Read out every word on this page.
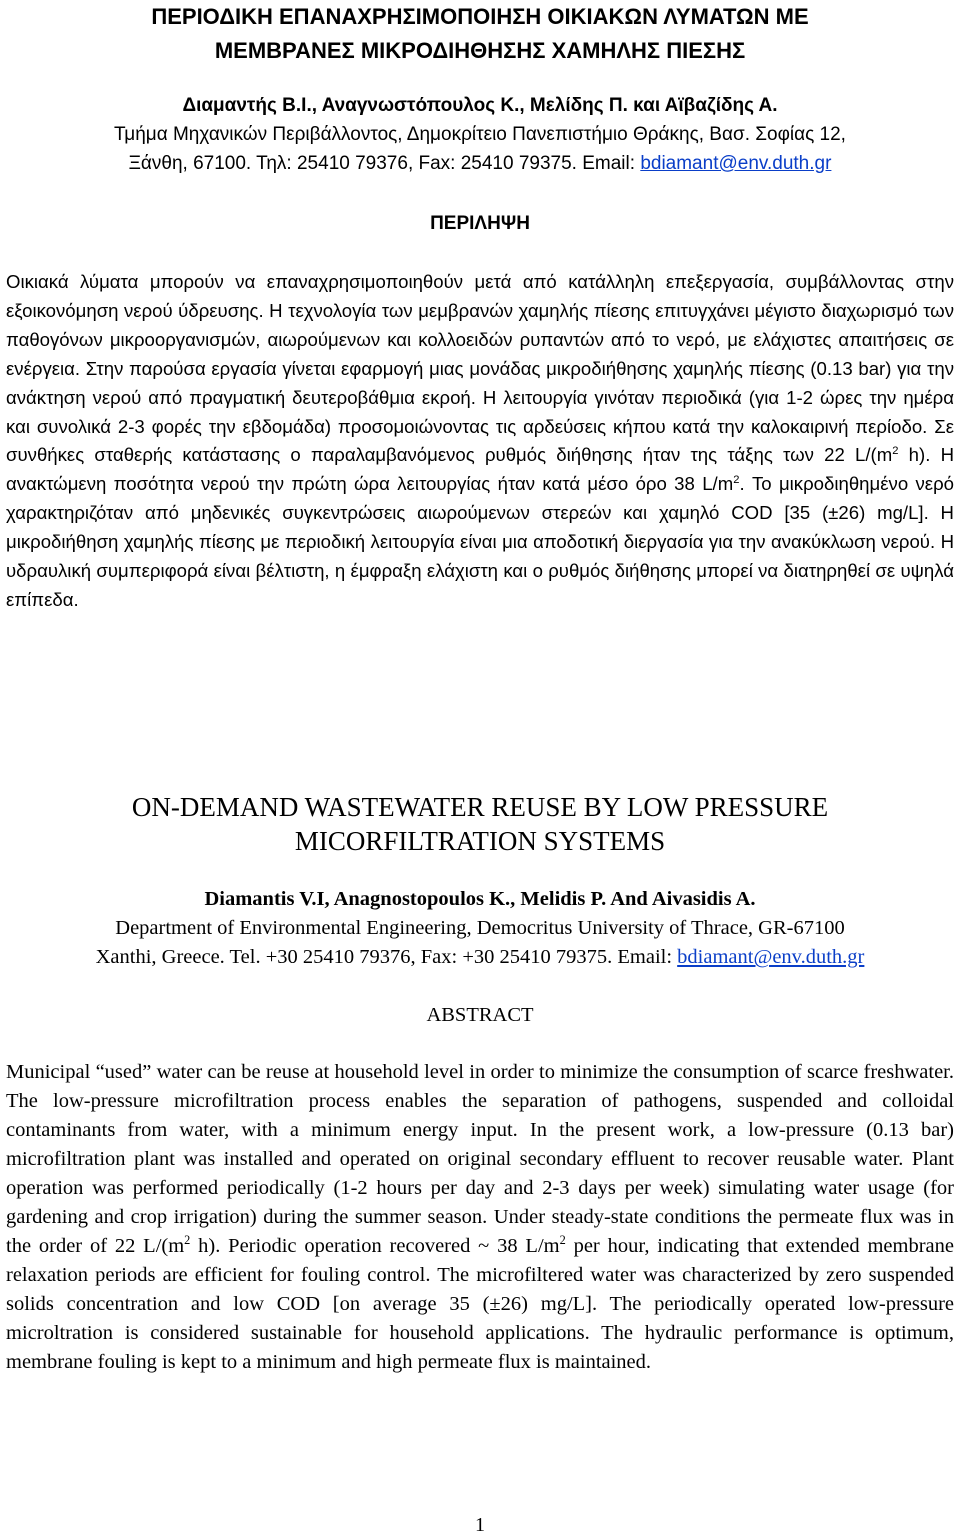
ΠΕΡΙΟΔΙΚΗ ΕΠΑΝΑΧΡΗΣΙΜΟΠΟΙΗΣΗ ΟΙΚΙΑΚΩΝ ΛΥΜΑΤΩΝ ΜΕ
ΜΕΜΒΡΑΝΕΣ ΜΙΚΡΟΔΙΗΘΗΣΗΣ ΧΑΜΗΛΗΣ ΠΙΕΣΗΣ
Διαμαντής Β.Ι., Αναγνωστόπουλος Κ., Μελίδης Π. και Αϊβαζίδης Α.
Τμήμα Μηχανικών Περιβάλλοντος, Δημοκρίτειο Πανεπιστήμιο Θράκης, Βασ. Σοφίας 12,
Ξάνθη, 67100. Τηλ: 25410 79376, Fax: 25410 79375. Email: bdiamant@env.duth.gr
ΠΕΡΙΛΗΨΗ

Οικιακά λύματα μπορούν να επαναχρησιμοποιηθούν μετά από κατάλληλη επεξεργασία, συμβάλλοντας στην εξοικονόμηση νερού ύδρευσης. Η τεχνολογία των μεμβρανών χαμηλής πίεσης επιτυγχάνει μέγιστο διαχωρισμό των παθογόνων μικροοργανισμών, αιωρούμενων και κολλοειδών ρυπαντών από το νερό, με ελάχιστες απαιτήσεις σε ενέργεια. Στην παρούσα εργασία γίνεται εφαρμογή μιας μονάδας μικροδιήθησης χαμηλής πίεσης (0.13 bar) για την ανάκτηση νερού από πραγματική δευτεροβάθμια εκροή. Η λειτουργία γινόταν περιοδικά (για 1-2 ώρες την ημέρα και συνολικά 2-3 φορές την εβδομάδα) προσομοιώνοντας τις αρδεύσεις κήπου κατά την καλοκαιρινή περίοδο. Σε συνθήκες σταθερής κατάστασης ο παραλαμβανόμενος ρυθμός διήθησης ήταν της τάξης των 22 $L/(m^2$ h). Η ανακτώμενη ποσότητα νερού την πρώτη ώρα λειτουργίας ήταν κατά μέσο όρο 38 $L/m^2$. Το μικροδιηθημένο νερό χαρακτηριζόταν από μηδενικές συγκεντρώσεις αιωρούμενων στερεών και χαμηλό COD [35 (±26) mg/L]. Η μικροδιήθηση χαμηλής πίεσης με περιοδική λειτουργία είναι μια αποδοτική διεργασία για την ανακύκλωση νερού. Η υδραυλική συμπεριφορά είναι βέλτιστη, η έμφραξη ελάχιστη και ο ρυθμός διήθησης μπορεί να διατηρηθεί σε υψηλά επίπεδα.

ON-DEMAND WASTEWATER REUSE BY LOW PRESSURE
MICORFILTRATION SYSTEMS
Diamantis V.I, Anagnostopoulos K., Melidis P. And Aivasidis A.
Department of Environmental Engineering, Democritus University of Thrace, GR-67100
Xanthi, Greece. Tel. +30 25410 79376, Fax: +30 25410 79375. Email: bdiamant@env.duth.gr
ABSTRACT

Municipal “used” water can be reuse at household level in order to minimize the consumption of scarce freshwater. The low-pressure microfiltration process enables the separation of pathogens, suspended and colloidal contaminants from water, with a minimum energy input. In the present work, a low-pressure (0.13 bar) microfiltration plant was installed and operated on original secondary effluent to recover reusable water. Plant operation was performed periodically (1-2 hours per day and 2-3 days per week) simulating water usage (for gardening and crop irrigation) during the summer season. Under steady-state conditions the permeate flux was in the order of 22 $L/(m^2$ h). Periodic operation recovered ~ 38 $L/m^2$ per hour, indicating that extended membrane relaxation periods are efficient for fouling control. The microfiltered water was characterized by zero suspended solids concentration and low COD [on average 35 (±26) mg/L]. The periodically operated low-pressure microltration is considered sustainable for household applications. The hydraulic performance is optimum, membrane fouling is kept to a minimum and high permeate flux is maintained.

1
